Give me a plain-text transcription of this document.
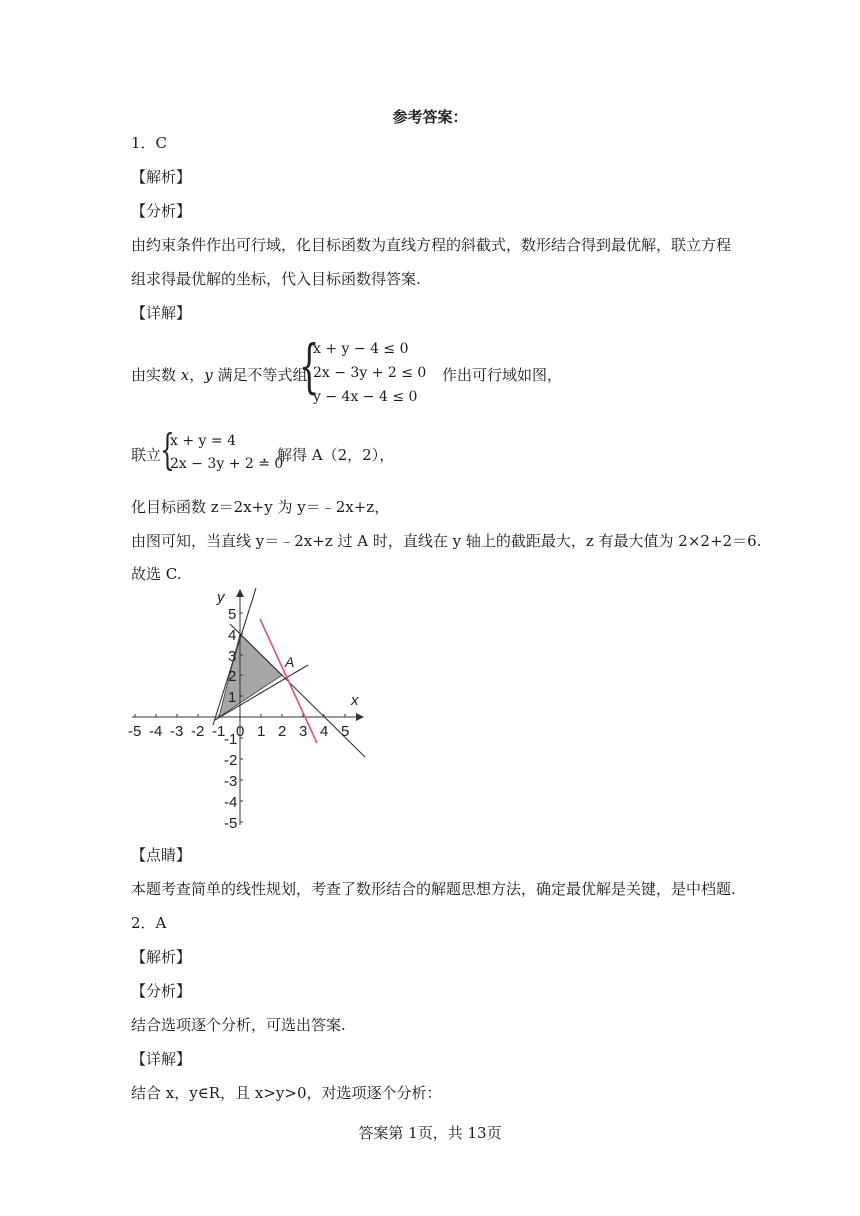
参考答案：
1．C
【解析】
【分析】
由约束条件作出可行域，化目标函数为直线方程的斜截式，数形结合得到最优解，联立方程
组求得最优解的坐标，代入目标函数得答案.
【详解】
由实数 x，y 满足不等式组
{
x + y − 4 ≤ 0
2x − 3y + 2 ≤ 0
y − 4x − 4 ≤ 0
作出可行域如图，
联立
{
x + y = 4
2x − 3y + 2 = 0
，解得 A（2，2），
化目标函数 z＝2x+y 为 y＝﹣2x+z，
由图可知，当直线 y＝﹣2x+z 过 A 时，直线在 y 轴上的截距最大，z 有最大值为 2×2+2＝6.
故选 C.
-5 -4 -3 -2 -1 0 1 2 3 4 5
5
4
3
2
1
-1
-2
-3
-4
-5
x
y
A
【点睛】
本题考查简单的线性规划，考查了数形结合的解题思想方法，确定最优解是关键，是中档题.
2．A
【解析】
【分析】
结合选项逐个分析，可选出答案.
【详解】
结合 x，y∈R，且 x>y>0，对选项逐个分析：
答案第 1页，共 13页
